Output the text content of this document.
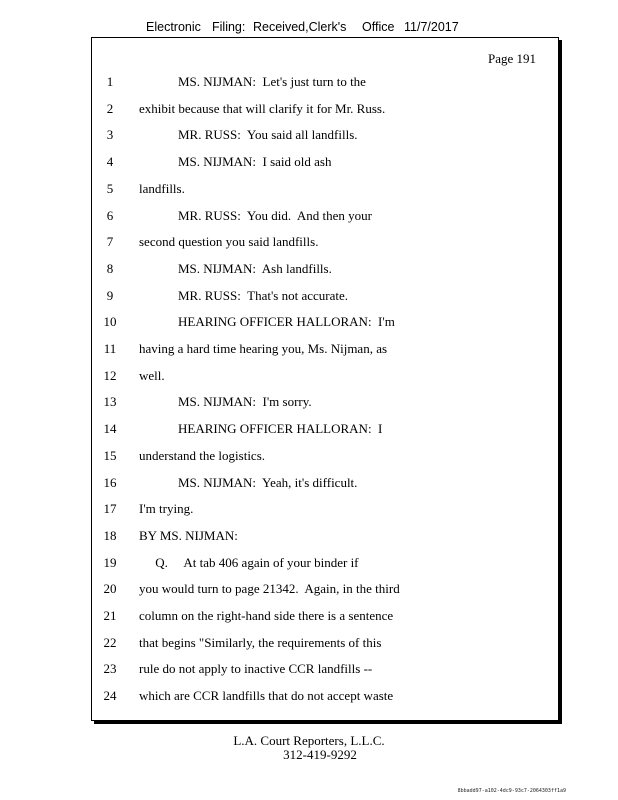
Electronic Filing: Received,Clerk's Office 11/7/2017
Page 191
1	MS. NIJMAN:  Let's just turn to the
2	exhibit because that will clarify it for Mr. Russ.
3	MR. RUSS:  You said all landfills.
4	MS. NIJMAN:  I said old ash
5	landfills.
6	MR. RUSS:  You did.  And then your
7	second question you said landfills.
8	MS. NIJMAN:  Ash landfills.
9	MR. RUSS:  That's not accurate.
10	HEARING OFFICER HALLORAN:  I'm
11	having a hard time hearing you, Ms. Nijman, as
12	well.
13	MS. NIJMAN:  I'm sorry.
14	HEARING OFFICER HALLORAN:  I
15	understand the logistics.
16	MS. NIJMAN:  Yeah, it's difficult.
17	I'm trying.
18	BY MS. NIJMAN:
19	Q.     At tab 406 again of your binder if
20	you would turn to page 21342.  Again, in the third
21	column on the right-hand side there is a sentence
22	that begins "Similarly, the requirements of this
23	rule do not apply to inactive CCR landfills --
24	which are CCR landfills that do not accept waste
L.A. Court Reporters, L.L.C.
312-419-9292
8bbadd97-a102-4dc9-93c7-2064303ff1a9
